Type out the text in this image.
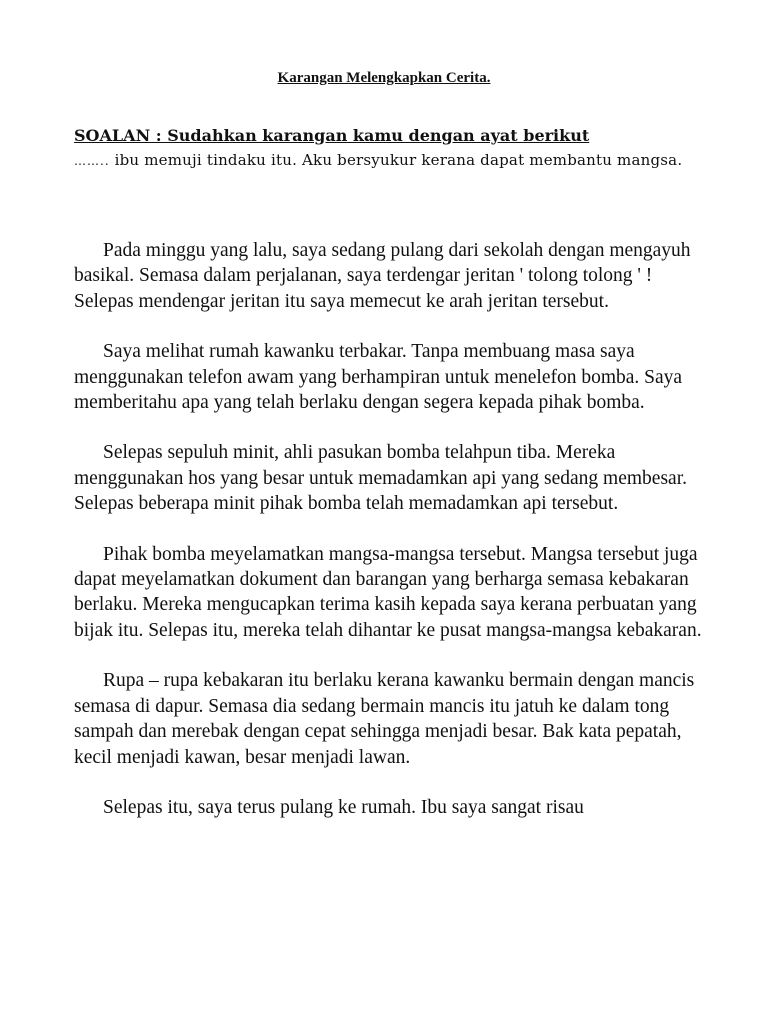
Karangan Melengkapkan Cerita.
SOALAN : Sudahkan karangan kamu dengan ayat berikut

…….. ibu memuji tindaku itu. Aku bersyukur kerana dapat membantu mangsa.

Pada minggu yang lalu, saya sedang pulang dari sekolah dengan mengayuh basikal. Semasa dalam perjalanan, saya terdengar jeritan ' tolong tolong ' ! Selepas mendengar jeritan itu saya memecut ke arah jeritan tersebut.

Saya melihat rumah kawanku terbakar. Tanpa membuang masa saya menggunakan telefon awam yang berhampiran untuk menelefon bomba. Saya memberitahu apa yang telah berlaku dengan segera kepada pihak bomba.

Selepas sepuluh minit, ahli pasukan bomba telahpun tiba. Mereka menggunakan hos yang besar untuk memadamkan api yang sedang membesar. Selepas beberapa minit pihak bomba telah memadamkan api tersebut.

Pihak bomba meyelamatkan mangsa-mangsa tersebut. Mangsa tersebut juga dapat meyelamatkan dokument dan barangan yang berharga semasa kebakaran berlaku. Mereka mengucapkan terima kasih kepada saya kerana perbuatan yang bijak itu. Selepas itu, mereka telah dihantar ke pusat mangsa-mangsa kebakaran.

Rupa – rupa kebakaran itu berlaku kerana kawanku bermain dengan mancis semasa di dapur. Semasa dia sedang bermain mancis itu jatuh ke dalam tong sampah dan merebak dengan cepat sehingga menjadi besar. Bak kata pepatah, kecil menjadi kawan, besar menjadi lawan.

Selepas itu, saya terus pulang ke rumah. Ibu saya sangat risau
